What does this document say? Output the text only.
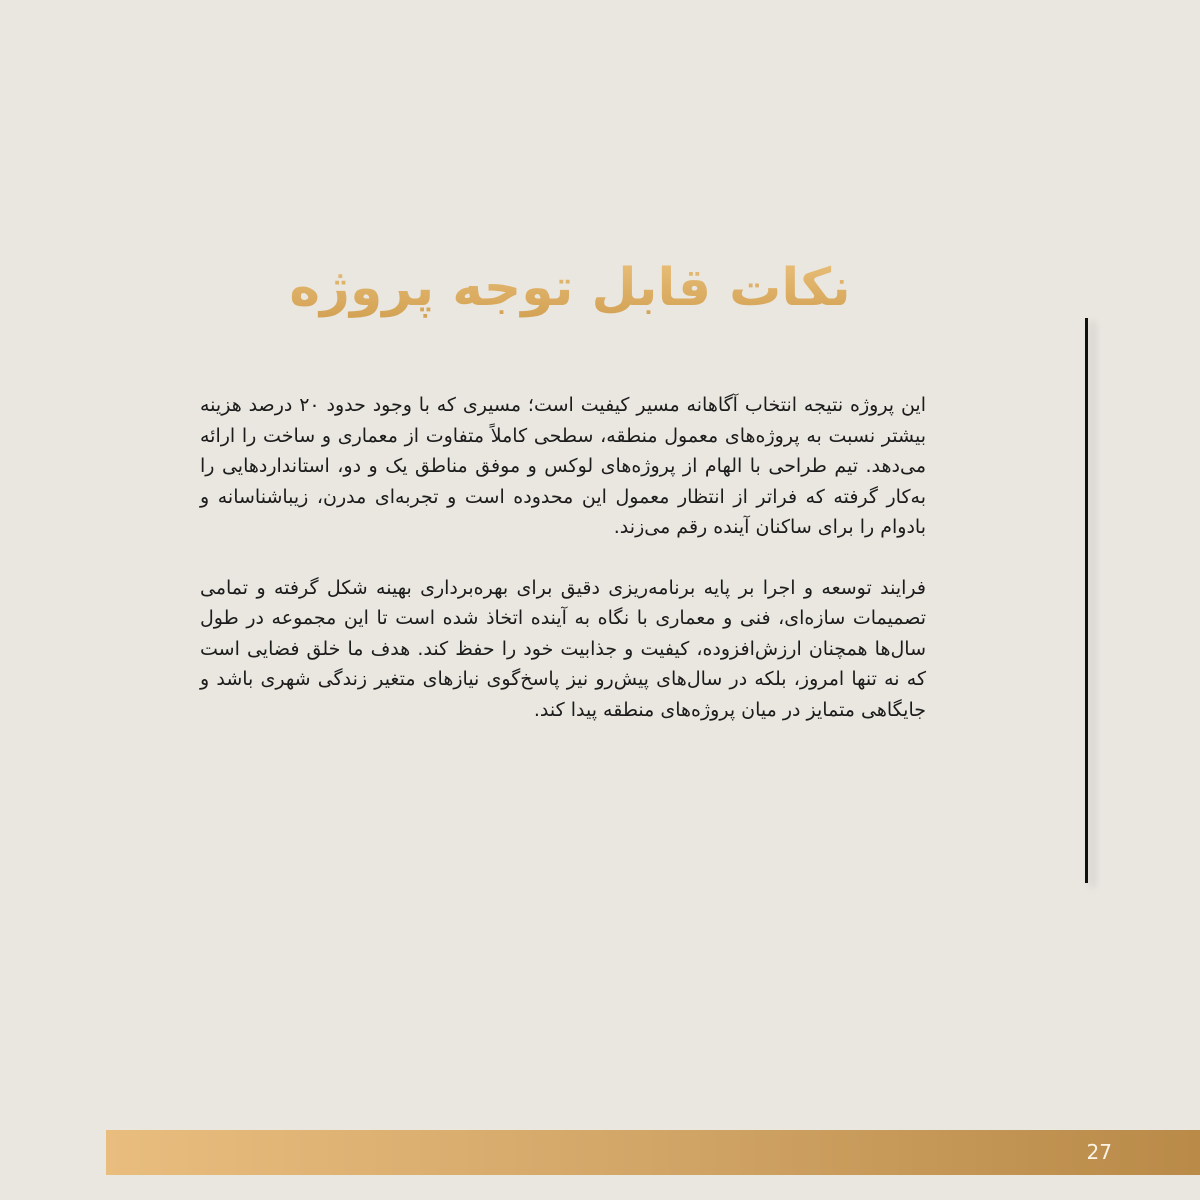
نکات قابل توجه پروژه

این پروژه نتیجه انتخاب آگاهانه مسیر کیفیت است؛ مسیری که با وجود حدود ۲۰ درصد هزینه بیشتر نسبت به پروژه‌های معمول منطقه، سطحی کاملاً متفاوت از معماری و ساخت را ارائه می‌دهد. تیم طراحی با الهام از پروژه‌های لوکس و موفق مناطق یک و دو، استانداردهایی را به‌کار گرفته که فراتر از انتظار معمول این محدوده است و تجربه‌ای مدرن، زیباشناسانه و بادوام را برای ساکنان آینده رقم می‌زند.

فرایند توسعه و اجرا بر پایه برنامه‌ریزی دقیق برای بهره‌برداری بهینه شکل گرفته و تمامی تصمیمات سازه‌ای، فنی و معماری با نگاه به آینده اتخاذ شده است تا این مجموعه در طول سال‌ها همچنان ارزش‌افزوده، کیفیت و جذابیت خود را حفظ کند. هدف ما خلق فضایی است که نه تنها امروز، بلکه در سال‌های پیش‌رو نیز پاسخ‌گوی نیازهای متغیر زندگی شهری باشد و جایگاهی متمایز در میان پروژه‌های منطقه پیدا کند.

27
